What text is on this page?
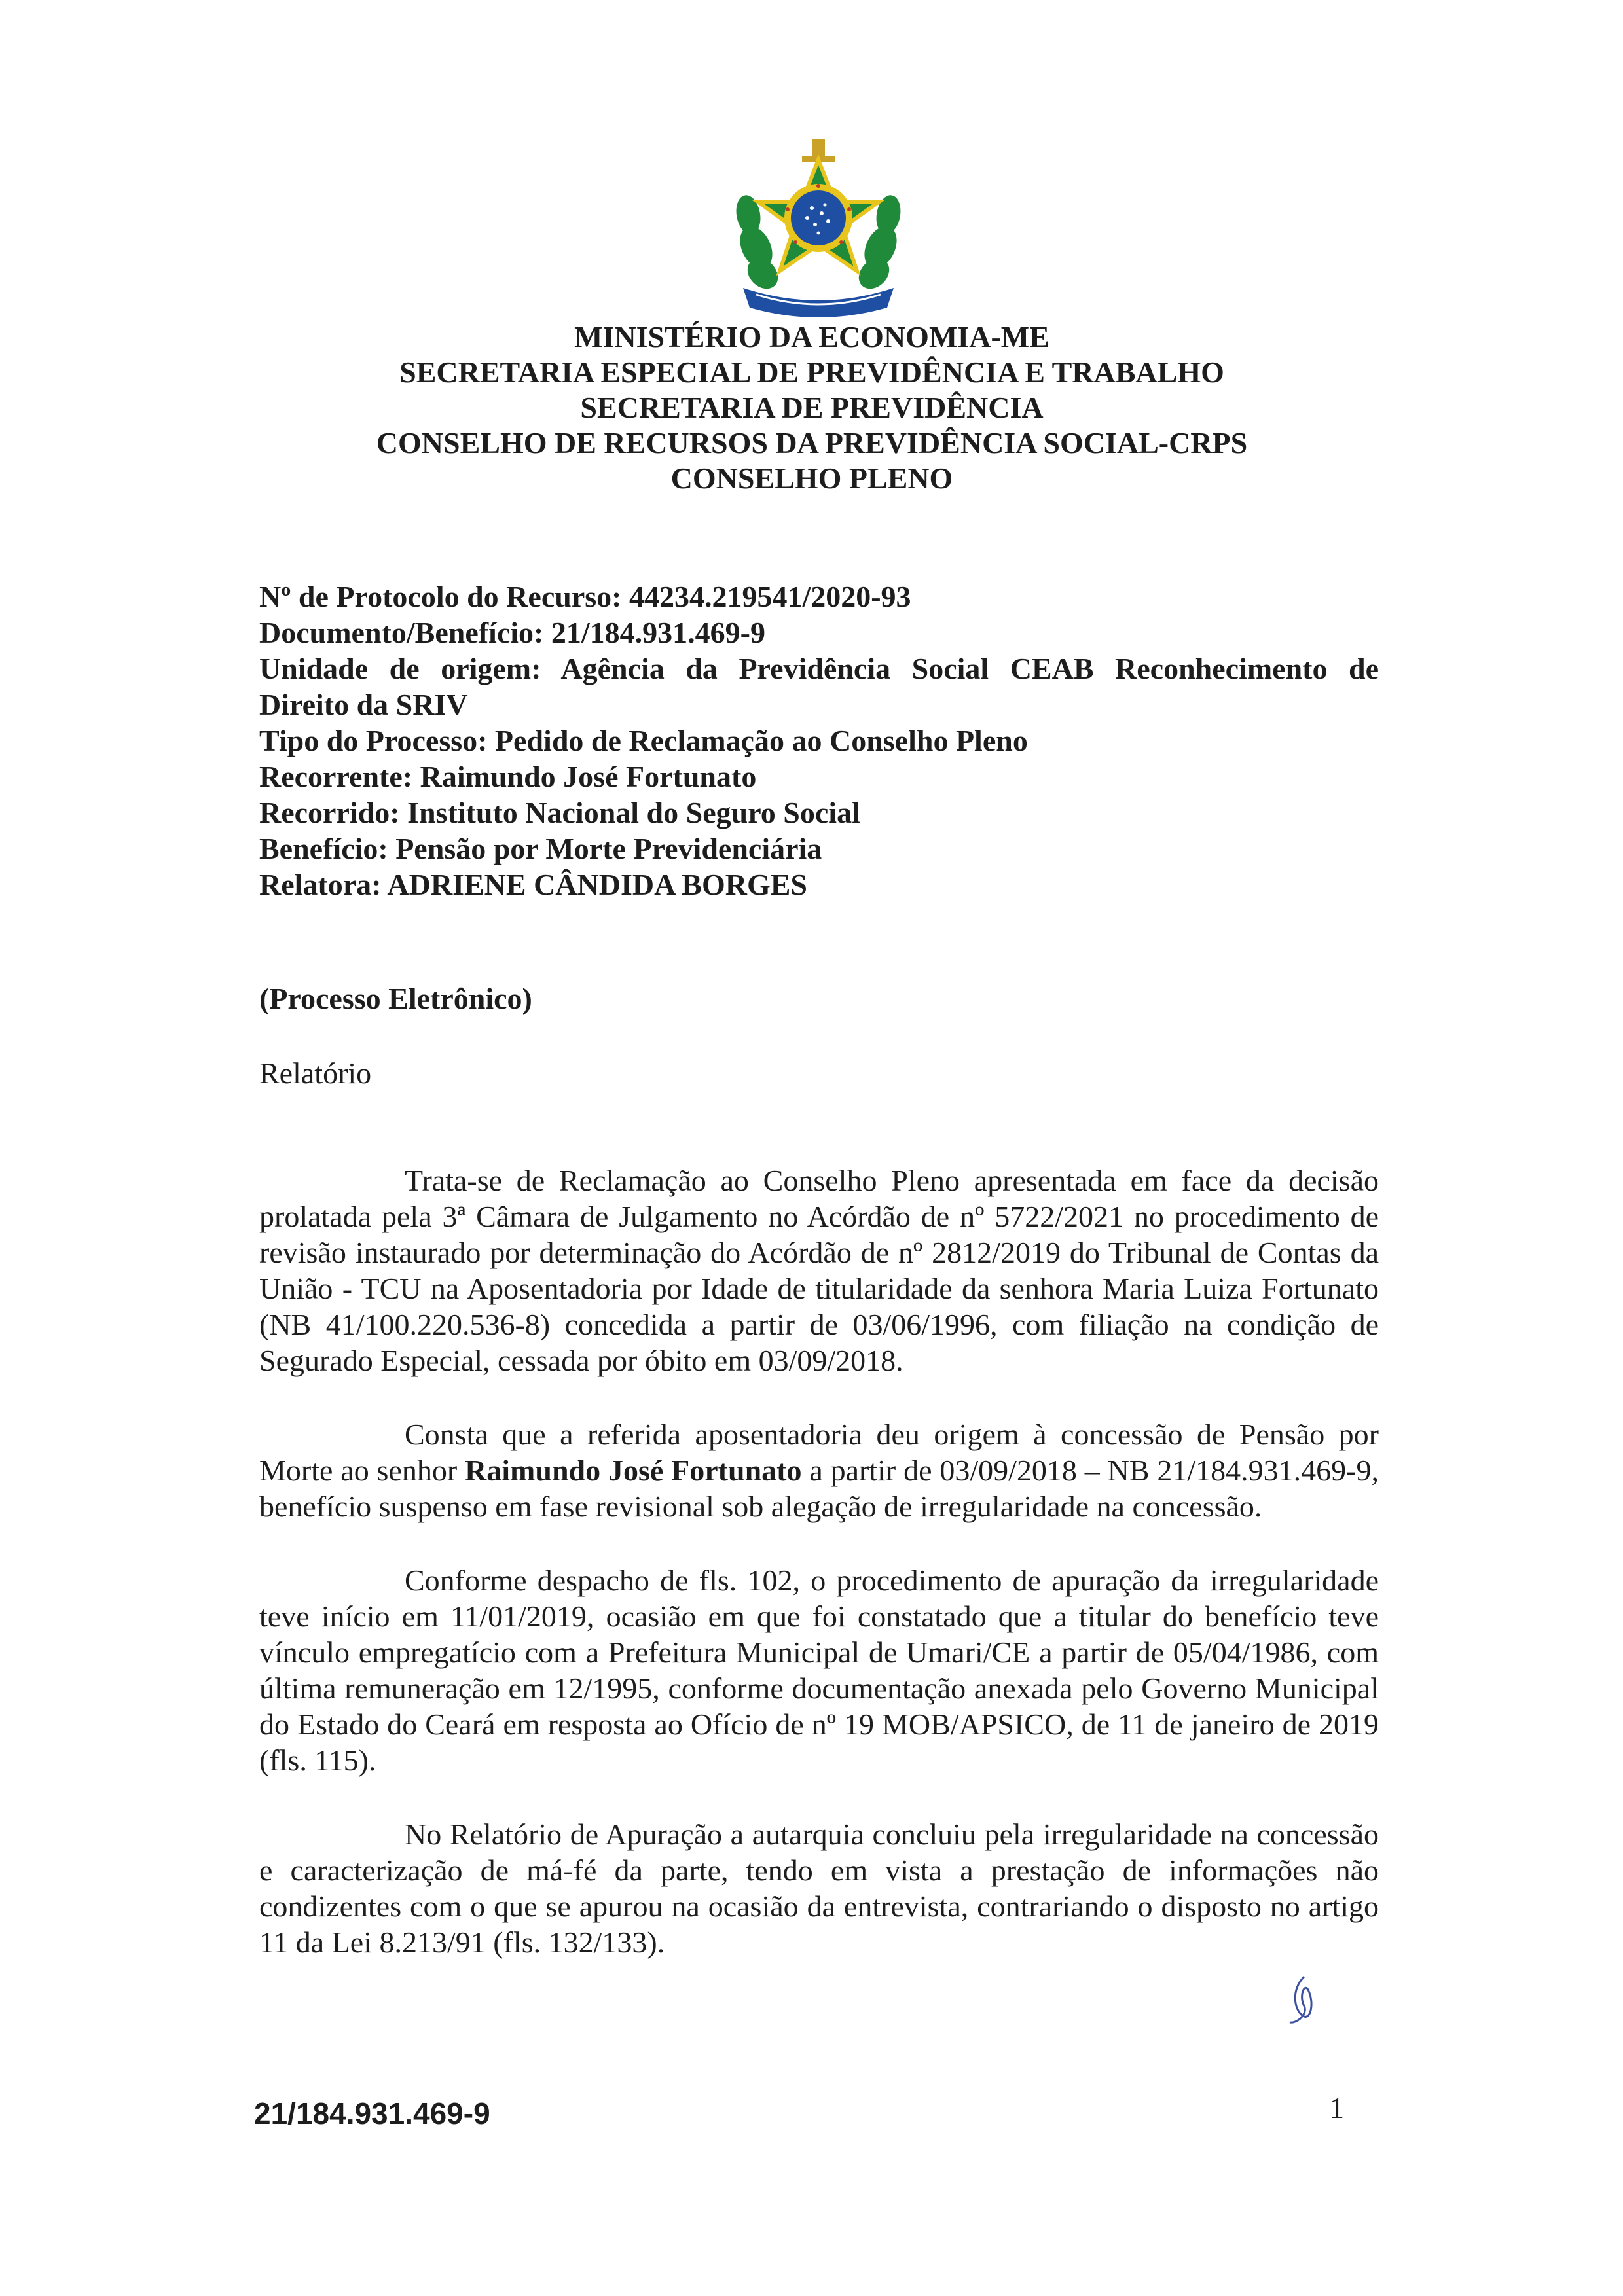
MINISTÉRIO DA ECONOMIA-ME
SECRETARIA ESPECIAL DE PREVIDÊNCIA E TRABALHO
SECRETARIA DE PREVIDÊNCIA
CONSELHO DE RECURSOS DA PREVIDÊNCIA SOCIAL-CRPS
CONSELHO PLENO
Nº de Protocolo do Recurso: 44234.219541/2020-93
Documento/Benefício: 21/184.931.469-9
Unidade de origem: Agência da Previdência Social CEAB Reconhecimento de
Direito da SRIV
Tipo do Processo: Pedido de Reclamação ao Conselho Pleno
Recorrente: Raimundo José Fortunato
Recorrido: Instituto Nacional do Seguro Social
Benefício: Pensão por Morte Previdenciária
Relatora: ADRIENE CÂNDIDA BORGES
(Processo Eletrônico)
Relatório

Trata-se de Reclamação ao Conselho Pleno apresentada em face da decisão prolatada pela 3ª Câmara de Julgamento no Acórdão de nº 5722/2021 no procedimento de revisão instaurado por determinação do Acórdão de nº 2812/2019 do Tribunal de Contas da União - TCU na Aposentadoria por Idade de titularidade da senhora Maria Luiza Fortunato (NB 41/100.220.536-8) concedida a partir de 03/06/1996, com filiação na condição de Segurado Especial, cessada por óbito em 03/09/2018.

Consta que a referida aposentadoria deu origem à concessão de Pensão por Morte ao senhor Raimundo José Fortunato a partir de 03/09/2018 – NB 21/184.931.469-9, benefício suspenso em fase revisional sob alegação de irregularidade na concessão.

Conforme despacho de fls. 102, o procedimento de apuração da irregularidade teve início em 11/01/2019, ocasião em que foi constatado que a titular do benefício teve vínculo empregatício com a Prefeitura Municipal de Umari/CE a partir de 05/04/1986, com última remuneração em 12/1995, conforme documentação anexada pelo Governo Municipal do Estado do Ceará em resposta ao Ofício de nº 19 MOB/APSICO, de 11 de janeiro de 2019 (fls. 115).

No Relatório de Apuração a autarquia concluiu pela irregularidade na concessão e caracterização de má-fé da parte, tendo em vista a prestação de informações não condizentes com o que se apurou na ocasião da entrevista, contrariando o disposto no artigo 11 da Lei 8.213/91 (fls. 132/133).

21/184.931.469-9	1
